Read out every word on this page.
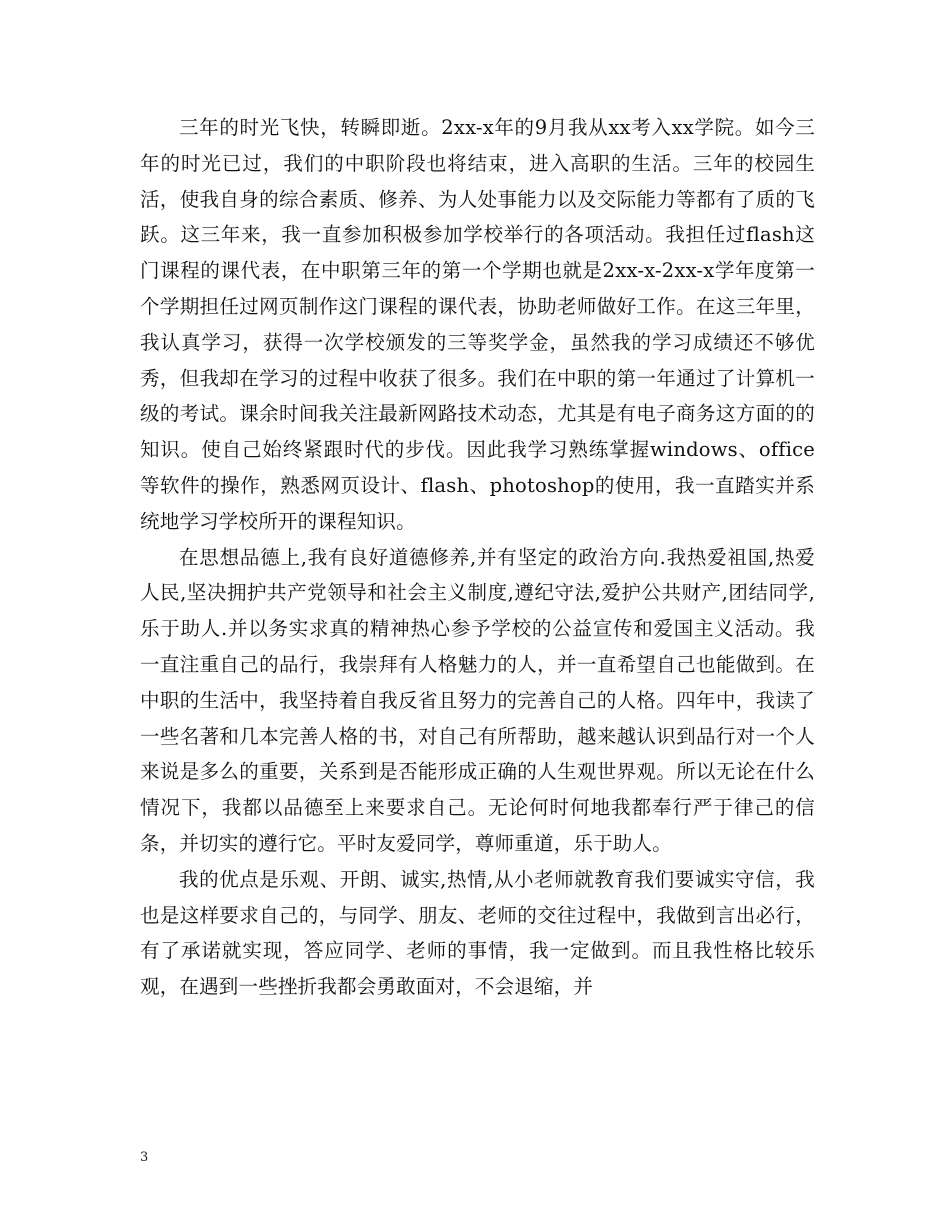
三年的时光飞快，转瞬即逝。2xx-x年的9月我从xx考入xx学院。如今三年的时光已过，我们的中职阶段也将结束，进入高职的生活。三年的校园生活，使我自身的综合素质、修养、为人处事能力以及交际能力等都有了质的飞跃。这三年来，我一直参加积极参加学校举行的各项活动。我担任过flash这门课程的课代表，在中职第三年的第一个学期也就是2xx-x-2xx-x学年度第一个学期担任过网页制作这门课程的课代表，协助老师做好工作。在这三年里，我认真学习，获得一次学校颁发的三等奖学金，虽然我的学习成绩还不够优秀，但我却在学习的过程中收获了很多。我们在中职的第一年通过了计算机一级的考试。课余时间我关注最新网路技术动态，尤其是有电子商务这方面的的知识。使自己始终紧跟时代的步伐。因此我学习熟练掌握windows、office 等软件的操作，熟悉网页设计、flash、photoshop的使用，我一直踏实并系统地学习学校所开的课程知识。

在思想品德上,我有良好道德修养,并有坚定的政治方向.我热爱祖国,热爱人民,坚决拥护共产党领导和社会主义制度,遵纪守法,爱护公共财产,团结同学,乐于助人.并以务实求真的精神热心参予学校的公益宣传和爱国主义活动。我一直注重自己的品行，我崇拜有人格魅力的人，并一直希望自己也能做到。在中职的生活中，我坚持着自我反省且努力的完善自己的人格。四年中，我读了一些名著和几本完善人格的书，对自己有所帮助，越来越认识到品行对一个人来说是多么的重要，关系到是否能形成正确的人生观世界观。所以无论在什么情况下，我都以品德至上来要求自己。无论何时何地我都奉行严于律己的信条，并切实的遵行它。平时友爱同学，尊师重道，乐于助人。

我的优点是乐观、开朗、诚实,热情,从小老师就教育我们要诚实守信，我也是这样要求自己的，与同学、朋友、老师的交往过程中，我做到言出必行，有了承诺就实现，答应同学、老师的事情，我一定做到。而且我性格比较乐观，在遇到一些挫折我都会勇敢面对，不会退缩，并

3
